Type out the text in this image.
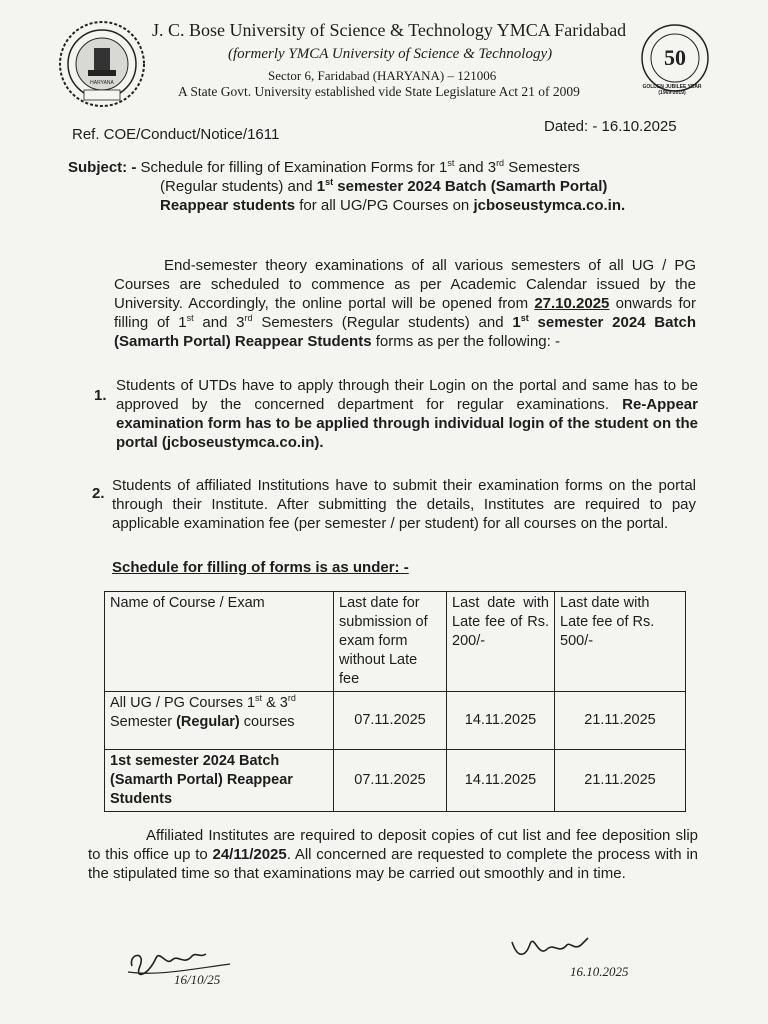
HARYANA
J. C. Bose University of Science & Technology YMCA Faridabad
(formerly YMCA University of Science & Technology)
Sector 6, Faridabad (HARYANA) – 121006
A State Govt. University established vide State Legislature Act 21 of 2009
50
GOLDEN JUBILEE YEAR
(1969-2019)
Ref. COE/Conduct/Notice/1611	Dated: - 16.10.2025
Subject: - Schedule for filling of Examination Forms for 1st and 3rd Semesters
(Regular students) and 1st semester 2024 Batch (Samarth Portal)
Reappear students for all UG/PG Courses on jcboseustymca.co.in.
End-semester theory examinations of all various semesters of all UG / PG Courses are scheduled to commence as per Academic Calendar issued by the University. Accordingly, the online portal will be opened from 27.10.2025 onwards for filling of 1st and 3rd Semesters (Regular students) and 1st semester 2024 Batch (Samarth Portal) Reappear Students forms as per the following: -
1.
Students of UTDs have to apply through their Login on the portal and same has to be approved by the concerned department for regular examinations. Re-Appear examination form has to be applied through individual login of the student on the portal (jcboseustymca.co.in).
2. Students of affiliated Institutions have to submit their examination forms on the portal through their Institute. After submitting the details, Institutes are required to pay applicable examination fee (per semester / per student) for all courses on the portal.
Schedule for filling of forms is as under: -
Name of Course / Exam	Last date for submission of exam form without Late fee	Last date with Late fee of Rs. 200/-	Last date with Late fee of Rs. 500/-
All UG / PG Courses 1st & 3rd Semester (Regular) courses	07.11.2025	14.11.2025	21.11.2025
1st semester 2024 Batch (Samarth Portal) Reappear Students	07.11.2025	14.11.2025	21.11.2025
Affiliated Institutes are required to deposit copies of cut list and fee deposition slip to this office up to 24/11/2025. All concerned are requested to complete the process with in the stipulated time so that examinations may be carried out smoothly and in time.
16/10/25
16.10.2025
